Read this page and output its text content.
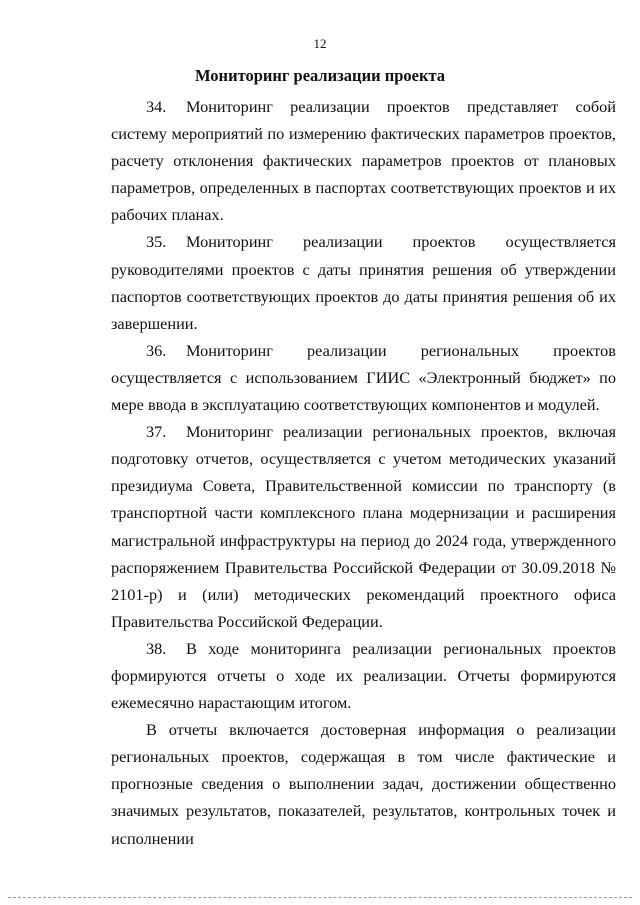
12
Мониторинг реализации проекта

34. Мониторинг реализации проектов представляет собой систему мероприятий по измерению фактических параметров проектов, расчету отклонения фактических параметров проектов от плановых параметров, определенных в паспортах соответствующих проектов и их рабочих планах.

35. Мониторинг реализации проектов осуществляется руководителями проектов с даты принятия решения об утверждении паспортов соответствующих проектов до даты принятия решения об их завершении.

36. Мониторинг реализации региональных проектов осуществляется с использованием ГИИС «Электронный бюджет» по мере ввода в эксплуатацию соответствующих компонентов и модулей.

37. Мониторинг реализации региональных проектов, включая подготовку отчетов, осуществляется с учетом методических указаний президиума Совета, Правительственной комиссии по транспорту (в транспортной части комплексного плана модернизации и расширения магистральной инфраструктуры на период до 2024 года, утвержденного распоряжением Правительства Российской Федерации от 30.09.2018 № 2101-р) и (или) методических рекомендаций проектного офиса Правительства Российской Федерации.

38. В ходе мониторинга реализации региональных проектов формируются отчеты о ходе их реализации. Отчеты формируются ежемесячно нарастающим итогом.

В отчеты включается достоверная информация о реализации региональных проектов, содержащая в том числе фактические и прогнозные сведения о выполнении задач, достижении общественно значимых результатов, показателей, результатов, контрольных точек и исполнении
